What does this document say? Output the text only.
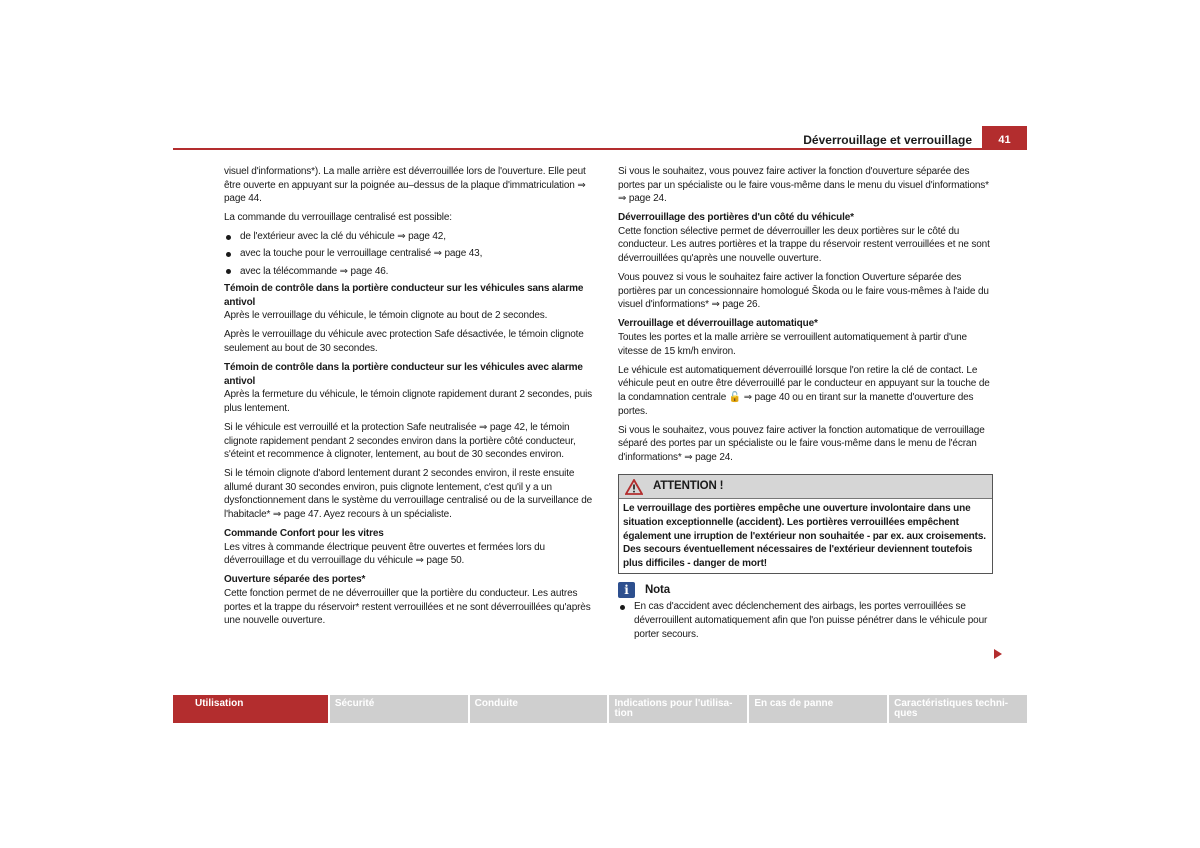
Déverrouillage et verrouillage	41

visuel d'informations*). La malle arrière est déverrouillée lors de l'ouverture. Elle peut être ouverte en appuyant sur la poignée au–dessus de la plaque d'immatriculation ⇒ page 44.

La commande du verrouillage centralisé est possible:

de l'extérieur avec la clé du véhicule ⇒ page 42,
avec la touche pour le verrouillage centralisé ⇒ page 43,
avec la télécommande ⇒ page 46.
Témoin de contrôle dans la portière conducteur sur les véhicules sans alarme antivol

Après le verrouillage du véhicule, le témoin clignote au bout de 2 secondes.

Après le verrouillage du véhicule avec protection Safe désactivée, le témoin clignote seulement au bout de 30 secondes.

Témoin de contrôle dans la portière conducteur sur les véhicules avec alarme antivol

Après la fermeture du véhicule, le témoin clignote rapidement durant 2 secondes, puis plus lentement.

Si le véhicule est verrouillé et la protection Safe neutralisée ⇒ page 42, le témoin clignote rapidement pendant 2 secondes environ dans la portière côté conducteur, s'éteint et recommence à clignoter, lentement, au bout de 30 secondes environ.

Si le témoin clignote d'abord lentement durant 2 secondes environ, il reste ensuite allumé durant 30 secondes environ, puis clignote lentement, c'est qu'il y a un dysfonctionnement dans le système du verrouillage centralisé ou de la surveillance de l'habitacle* ⇒ page 47. Ayez recours à un spécialiste.

Commande Confort pour les vitres

Les vitres à commande électrique peuvent être ouvertes et fermées lors du déverrouillage et du verrouillage du véhicule ⇒ page 50.

Ouverture séparée des portes*

Cette fonction permet de ne déverrouiller que la portière du conducteur. Les autres portes et la trappe du réservoir* restent verrouillées et ne sont déverrouillées qu'après une nouvelle ouverture.

Si vous le souhaitez, vous pouvez faire activer la fonction d'ouverture séparée des portes par un spécialiste ou le faire vous-même dans le menu du visuel d'informations* ⇒ page 24.

Déverrouillage des portières d'un côté du véhicule*

Cette fonction sélective permet de déverrouiller les deux portières sur le côté du conducteur. Les autres portières et la trappe du réservoir restent verrouillées et ne sont déverrouillées qu'après une nouvelle ouverture.

Vous pouvez si vous le souhaitez faire activer la fonction Ouverture séparée des portières par un concessionnaire homologué Škoda ou le faire vous-mêmes à l'aide du visuel d'informations* ⇒ page 26.

Verrouillage et déverrouillage automatique*

Toutes les portes et la malle arrière se verrouillent automatiquement à partir d'une vitesse de 15 km/h environ.

Le véhicule est automatiquement déverrouillé lorsque l'on retire la clé de contact. Le véhicule peut en outre être déverrouillé par le conducteur en appuyant sur la touche de la condamnation centrale 🔓 ⇒ page 40 ou en tirant sur la manette d'ouverture des portes.

Si vous le souhaitez, vous pouvez faire activer la fonction automatique de verrouillage séparé des portes par un spécialiste ou le faire vous-même dans le menu de l'écran d'informations* ⇒ page 24.

ATTENTION !
Le verrouillage des portières empêche une ouverture involontaire dans une situation exceptionnelle (accident). Les portières verrouillées empêchent également une irruption de l'extérieur non souhaitée - par ex. aux croisements. Des secours éventuellement nécessaires de l'extérieur deviennent toutefois plus difficiles - danger de mort!
i	Nota
En cas d'accident avec déclenchement des airbags, les portes verrouillées se déverrouillent automatiquement afin que l'on puisse pénétrer dans le véhicule pour porter secours.
Utilisation	Sécurité	Conduite	Indications pour l'utilisa-tion
En cas de panne	Caractéristiques techni-ques
